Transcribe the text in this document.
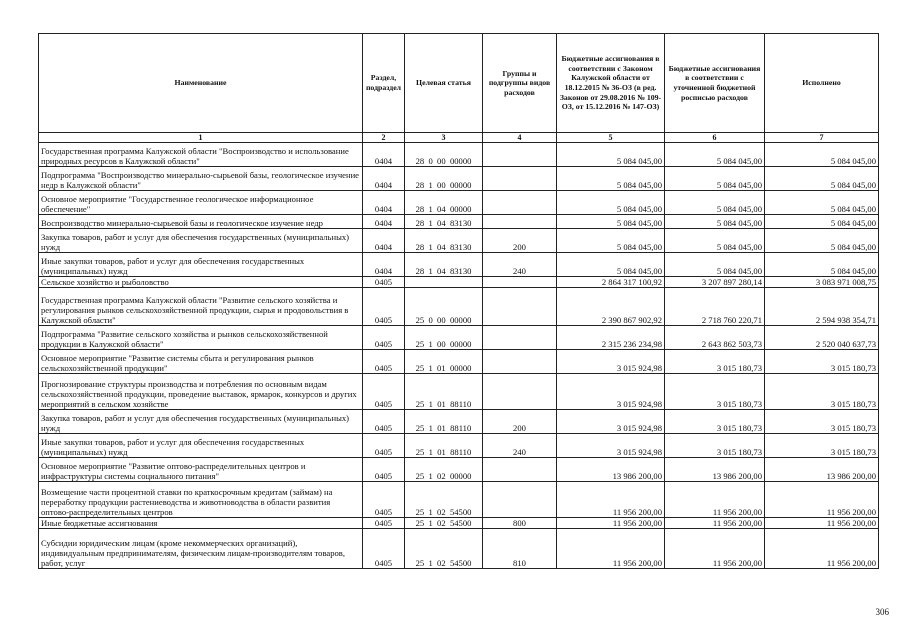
Наименование	Раздел, подраздел	Целевая статья	Группы и подгруппы видов расходов	Бюджетные ассигнования в соответствии с Законом Калужской области от 18.12.2015 № 36-ОЗ (в ред. Законов от 29.08.2016 № 109-ОЗ, от 15.12.2016 № 147-ОЗ)	Бюджетные ассигнования в соответствии с уточненной бюджетной росписью расходов	Исполнено
1	2	3	4	5	6	7
Государственная программа Калужской области "Воспроизводство и использование природных ресурсов в Калужской области"	0404	28  0  00  00000		5 084 045,00	5 084 045,00	5 084 045,00
Подпрограмма "Воспроизводство минерально-сырьевой базы, геологическое изучение недр в Калужской области"	0404	28  1  00  00000		5 084 045,00	5 084 045,00	5 084 045,00
Основное мероприятие "Государственное геологическое информационное обеспечение"	0404	28  1  04  00000		5 084 045,00	5 084 045,00	5 084 045,00
Воспроизводство минерально-сырьевой базы и геологическое изучение недр	0404	28  1  04  83130		5 084 045,00	5 084 045,00	5 084 045,00
Закупка товаров, работ и услуг для обеспечения государственных (муниципальных) нужд	0404	28  1  04  83130	200	5 084 045,00	5 084 045,00	5 084 045,00
Иные закупки товаров, работ и услуг для обеспечения государственных (муниципальных) нужд	0404	28  1  04  83130	240	5 084 045,00	5 084 045,00	5 084 045,00
Сельское хозяйство и рыболовство	0405			2 864 317 100,92	3 207 897 280,14	3 083 971 008,75
Государственная программа Калужской области "Развитие сельского хозяйства и регулирования рынков сельскохозяйственной продукции, сырья и продовольствия в Калужской области"	0405	25  0  00  00000		2 390 867 902,92	2 718 760 220,71	2 594 938 354,71
Подпрограмма "Развитие сельского хозяйства и рынков сельскохозяйственной продукции в Калужской области"	0405	25  1  00  00000		2 315 236 234,98	2 643 862 503,73	2 520 040 637,73
Основное мероприятие "Развитие системы сбыта и регулирования рынков сельскохозяйственной продукции"	0405	25  1  01  00000		3 015 924,98	3 015 180,73	3 015 180,73
Прогнозирование структуры производства и потребления по основным видам сельскохозяйственной продукции, проведение выставок, ярмарок, конкурсов и других мероприятий в сельском хозяйстве	0405	25  1  01  88110		3 015 924,98	3 015 180,73	3 015 180,73
Закупка товаров, работ и услуг для обеспечения государственных (муниципальных) нужд	0405	25  1  01  88110	200	3 015 924,98	3 015 180,73	3 015 180,73
Иные закупки товаров, работ и услуг для обеспечения государственных (муниципальных) нужд	0405	25  1  01  88110	240	3 015 924,98	3 015 180,73	3 015 180,73
Основное мероприятие "Развитие оптово-распределительных центров и инфраструктуры системы социального питания"	0405	25  1  02  00000		13 986 200,00	13 986 200,00	13 986 200,00
Возмещение части процентной ставки по краткосрочным кредитам (займам) на переработку продукции растениеводства и животноводства в области развития оптово-распределительных центров	0405	25  1  02  54500		11 956 200,00	11 956 200,00	11 956 200,00
Иные бюджетные ассигнования	0405	25  1  02  54500	800	11 956 200,00	11 956 200,00	11 956 200,00
Субсидии юридическим лицам (кроме некоммерческих организаций), индивидуальным предпринимателям, физическим лицам-производителям товаров, работ, услуг	0405	25  1  02  54500	810	11 956 200,00	11 956 200,00	11 956 200,00
306
